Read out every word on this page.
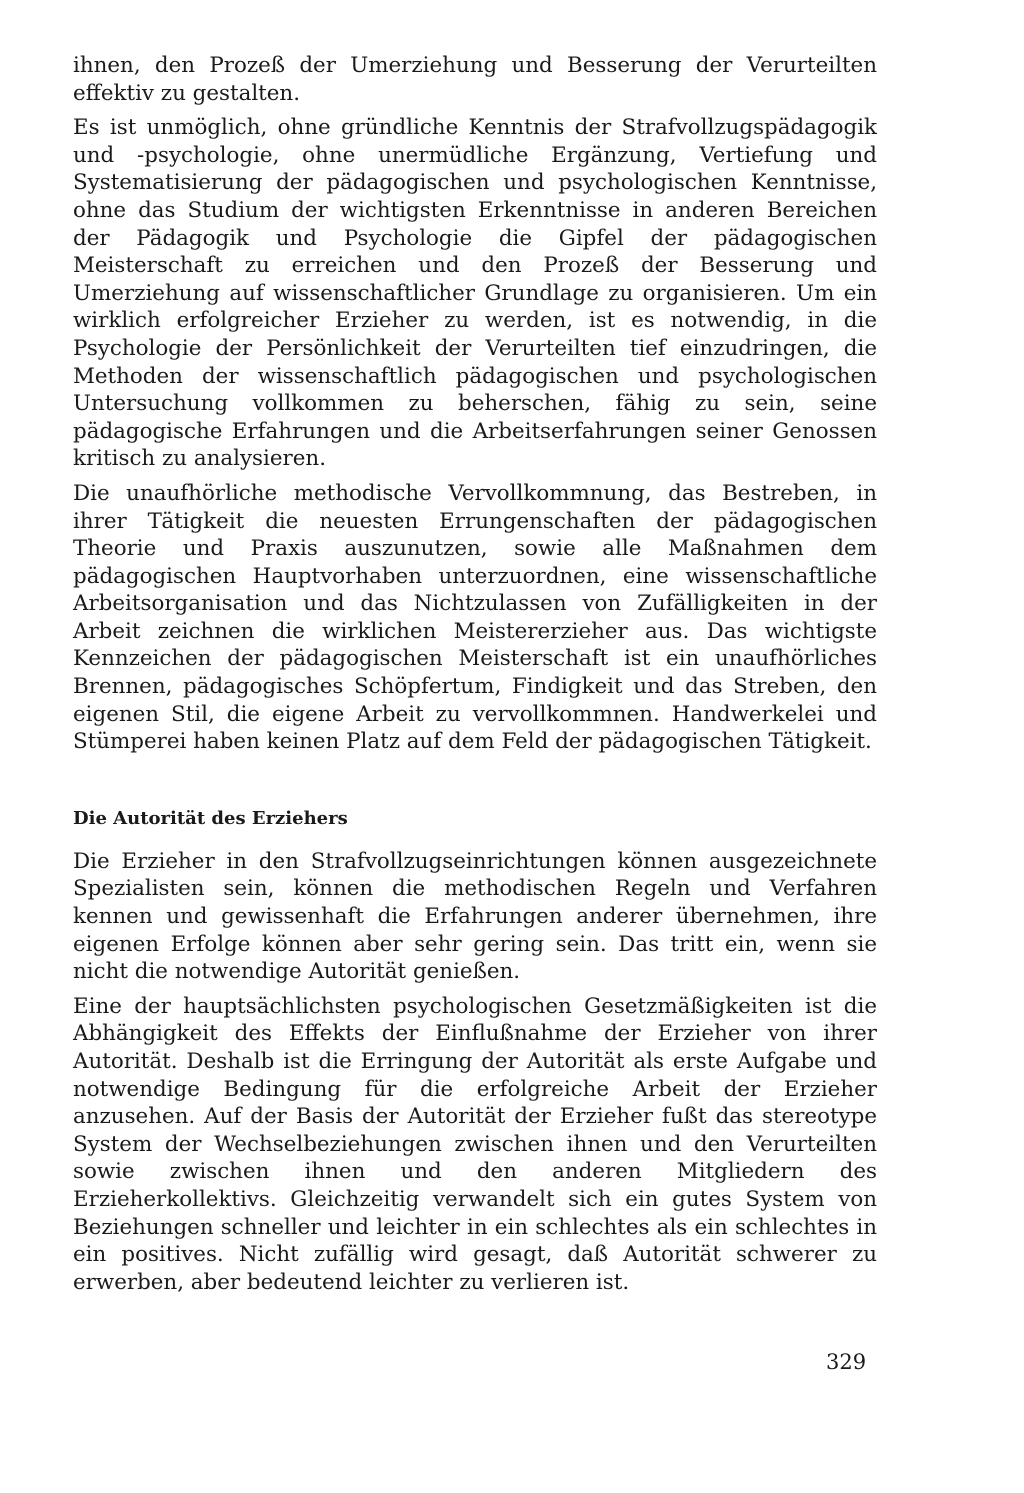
ihnen, den Prozeß der Umerziehung und Besserung der Verurteilten effektiv zu gestalten.

Es ist unmöglich, ohne gründliche Kenntnis der Strafvollzugspädagogik und -psychologie, ohne unermüdliche Ergänzung, Vertiefung und Systematisierung der pädagogischen und psychologischen Kenntnisse, ohne das Studium der wichtigsten Erkenntnisse in anderen Bereichen der Pädagogik und Psychologie die Gipfel der pädagogischen Meisterschaft zu erreichen und den Prozeß der Besserung und Umerziehung auf wissenschaftlicher Grundlage zu organisieren. Um ein wirklich erfolgreicher Erzieher zu werden, ist es notwendig, in die Psychologie der Persönlichkeit der Verurteilten tief einzudringen, die Methoden der wissenschaftlich pädagogischen und psychologischen Untersuchung vollkommen zu beherschen, fähig zu sein, seine pädagogische Erfahrungen und die Arbeitserfahrungen seiner Genossen kritisch zu analysieren.

Die unaufhörliche methodische Vervollkommnung, das Bestreben, in ihrer Tätigkeit die neuesten Errungenschaften der pädagogischen Theorie und Praxis auszunutzen, sowie alle Maßnahmen dem pädagogischen Hauptvorhaben unterzuordnen, eine wissenschaftliche Arbeitsorganisation und das Nichtzulassen von Zufälligkeiten in der Arbeit zeichnen die wirklichen Meistererzieher aus. Das wichtigste Kennzeichen der pädagogischen Meisterschaft ist ein unaufhörliches Brennen, pädagogisches Schöpfertum, Findigkeit und das Streben, den eigenen Stil, die eigene Arbeit zu vervollkommnen. Handwerkelei und Stümperei haben keinen Platz auf dem Feld der pädagogischen Tätigkeit.

Die Autorität des Erziehers

Die Erzieher in den Strafvollzugseinrichtungen können ausgezeichnete Spezialisten sein, können die methodischen Regeln und Verfahren kennen und gewissenhaft die Erfahrungen anderer übernehmen, ihre eigenen Erfolge können aber sehr gering sein. Das tritt ein, wenn sie nicht die notwendige Autorität genießen.

Eine der hauptsächlichsten psychologischen Gesetzmäßigkeiten ist die Abhängigkeit des Effekts der Einflußnahme der Erzieher von ihrer Autorität. Deshalb ist die Erringung der Autorität als erste Aufgabe und notwendige Bedingung für die erfolgreiche Arbeit der Erzieher anzusehen. Auf der Basis der Autorität der Erzieher fußt das stereotype System der Wechselbeziehungen zwischen ihnen und den Verurteilten sowie zwischen ihnen und den anderen Mitgliedern des Erzieherkollektivs. Gleichzeitig verwandelt sich ein gutes System von Beziehungen schneller und leichter in ein schlechtes als ein schlechtes in ein positives. Nicht zufällig wird gesagt, daß Autorität schwerer zu erwerben, aber bedeutend leichter zu verlieren ist.

329
